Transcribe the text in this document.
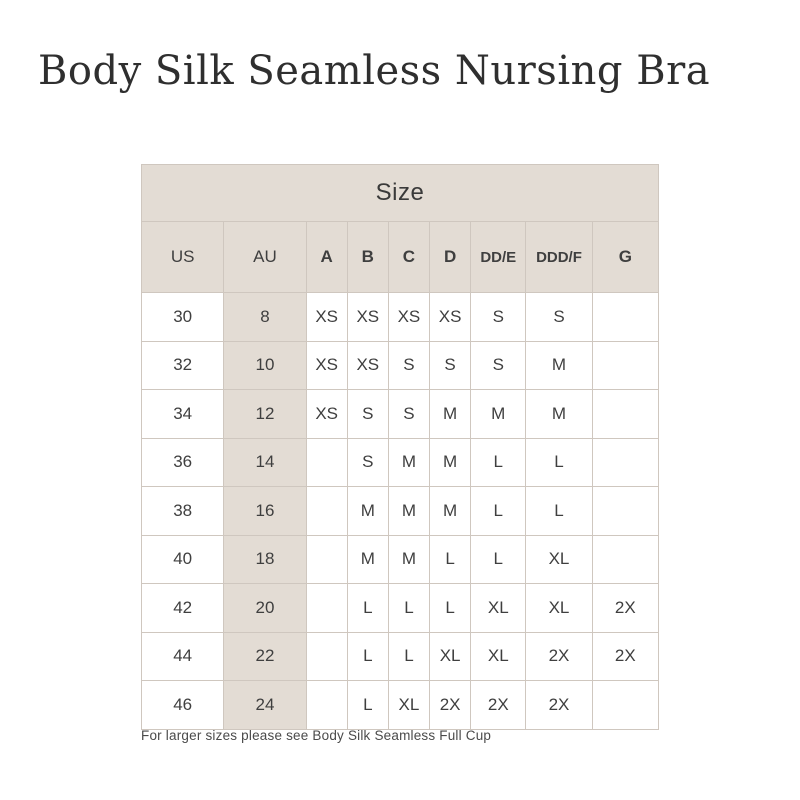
Body Silk Seamless Nursing Bra
Size								
US	AU	A	B	C	D	DD/E	DDD/F	G
30	8	XS	XS	XS	XS	S	S	
32	10	XS	XS	S	S	S	M	
34	12	XS	S	S	M	M	M	
36	14		S	M	M	L	L	
38	16		M	M	M	L	L	
40	18		M	M	L	L	XL	
42	20		L	L	L	XL	XL	2X
44	22		L	L	XL	XL	2X	2X
46	24		L	XL	2X	2X	2X	
For larger sizes please see Body Silk Seamless Full Cup
